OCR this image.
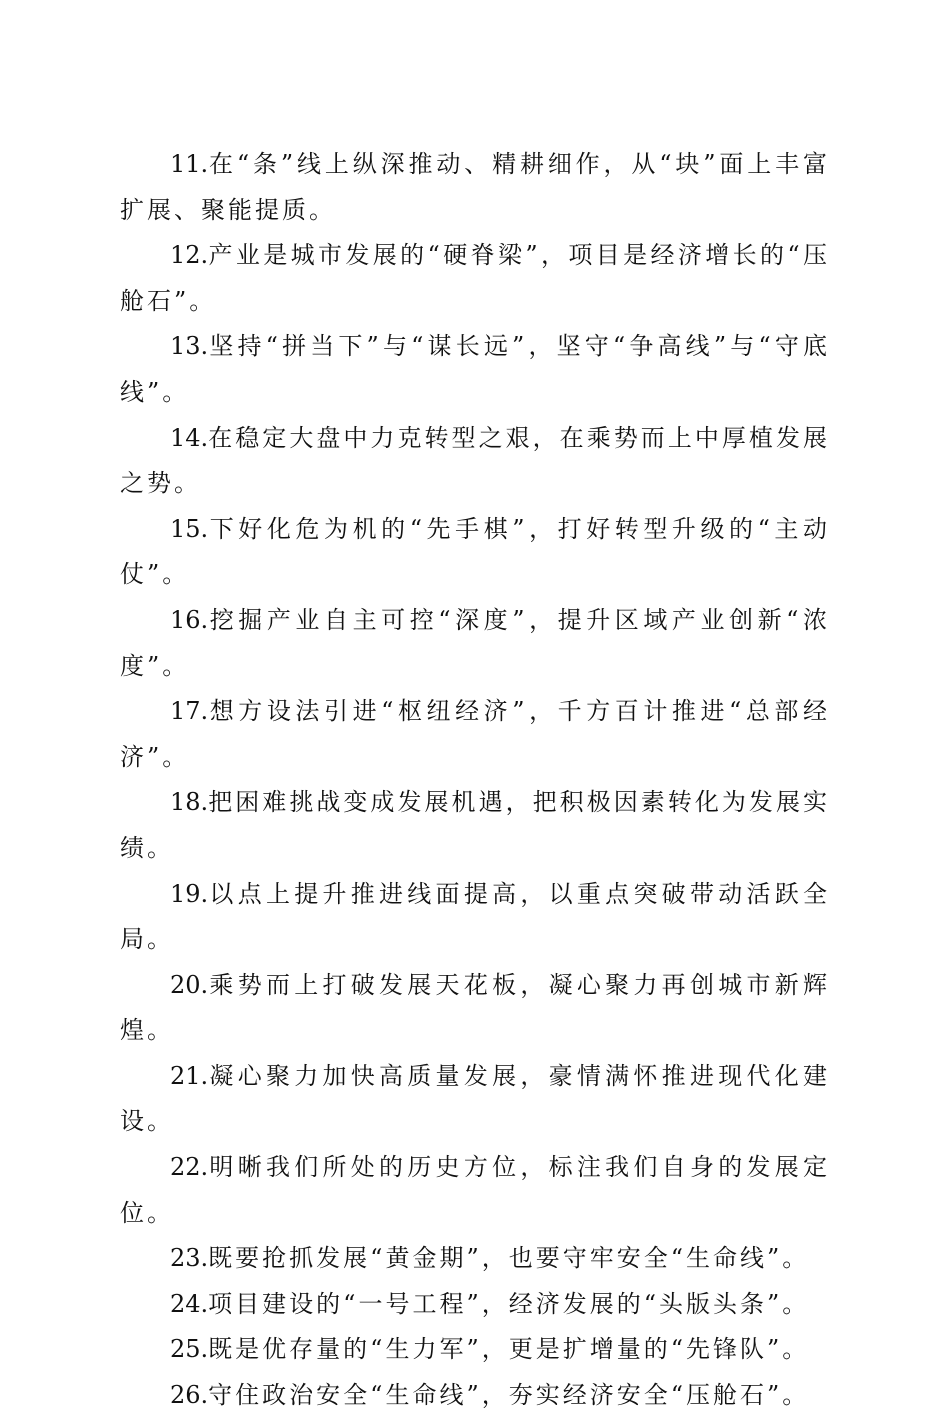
11.在“条”线上纵深推动、精耕细作，从“块”面上丰富扩展、聚能提质。

12.产业是城市发展的“硬脊梁”，项目是经济增长的“压舱石”。

13.坚持“拼当下”与“谋长远”，坚守“争高线”与“守底线”。

14.在稳定大盘中力克转型之艰，在乘势而上中厚植发展之势。

15.下好化危为机的“先手棋”，打好转型升级的“主动仗”。

16.挖掘产业自主可控“深度”，提升区域产业创新“浓度”。

17.想方设法引进“枢纽经济”，千方百计推进“总部经济”。

18.把困难挑战变成发展机遇，把积极因素转化为发展实绩。

19.以点上提升推进线面提高，以重点突破带动活跃全局。

20.乘势而上打破发展天花板，凝心聚力再创城市新辉煌。

21.凝心聚力加快高质量发展，豪情满怀推进现代化建设。

22.明晰我们所处的历史方位，标注我们自身的发展定位。

23.既要抢抓发展“黄金期”，也要守牢安全“生命线”。

24.项目建设的“一号工程”，经济发展的“头版头条”。

25.既是优存量的“生力军”，更是扩增量的“先锋队”。

26.守住政治安全“生命线”，夯实经济安全“压舱石”。
